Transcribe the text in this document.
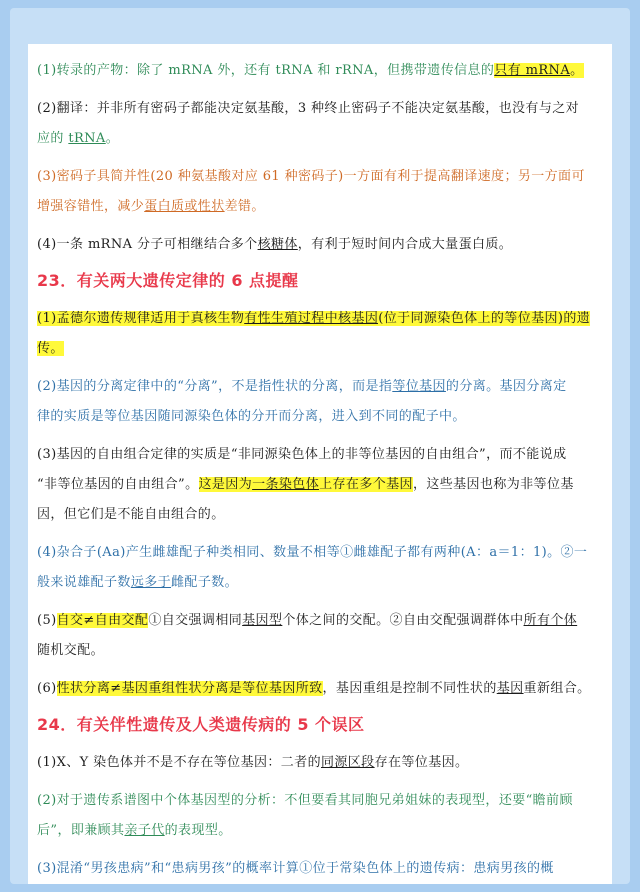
(1)转录的产物：除了 mRNA 外，还有 tRNA 和 rRNA，但携带遗传信息的只有 mRNA。

(2)翻译：并非所有密码子都能决定氨基酸，3 种终止密码子不能决定氨基酸，也没有与之对
应的 tRNA。

(3)密码子具简并性(20 种氨基酸对应 61 种密码子)一方面有利于提高翻译速度；另一方面可
增强容错性，减少蛋白质或性状差错。

(4)一条 mRNA 分子可相继结合多个核糖体，有利于短时间内合成大量蛋白质。

23．有关两大遗传定律的 6 点提醒

(1)孟德尔遗传规律适用于真核生物有性生殖过程中核基因(位于同源染色体上的等位基因)的遗
传。

(2)基因的分离定律中的“分离”，不是指性状的分离，而是指等位基因的分离。基因分离定
律的实质是等位基因随同源染色体的分开而分离，进入到不同的配子中。

(3)基因的自由组合定律的实质是“非同源染色体上的非等位基因的自由组合”，而不能说成
“非等位基因的自由组合”。这是因为一条染色体上存在多个基因，这些基因也称为非等位基
因，但它们是不能自由组合的。

(4)杂合子(Aa)产生雌雄配子种类相同、数量不相等①雌雄配子都有两种(A：a＝1：1)。②一
般来说雄配子数远多于雌配子数。

(5)自交≠自由交配①自交强调相同基因型个体之间的交配。②自由交配强调群体中所有个体
随机交配。

(6)性状分离≠基因重组性状分离是等位基因所致，基因重组是控制不同性状的基因重新组合。

24．有关伴性遗传及人类遗传病的 5 个误区

(1)X、Y 染色体并不是不存在等位基因：二者的同源区段存在等位基因。

(2)对于遗传系谱图中个体基因型的分析：不但要看其同胞兄弟姐妹的表现型，还要“瞻前顾
后”，即兼顾其亲子代的表现型。

(3)混淆“男孩患病”和“患病男孩”的概率计算①位于常染色体上的遗传病：患病男孩的概
